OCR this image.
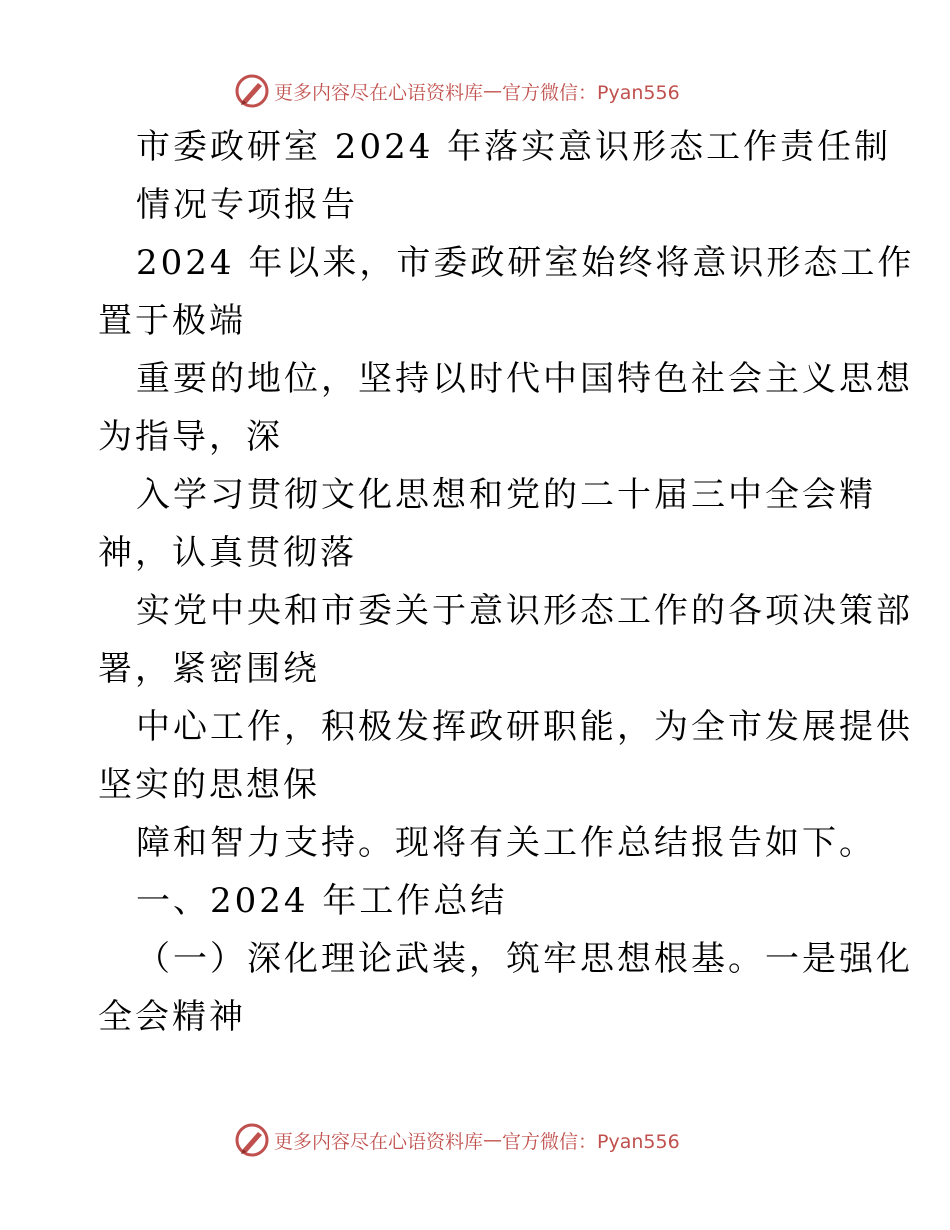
更多内容尽在心语资料库 — 官方微信：Pyan556
市委政研室 2024 年落实意识形态工作责任制
情况专项报告
2024 年以来，市委政研室始终将意识形态工作
置于极端
重要的地位，坚持以时代中国特色社会主义思想
为指导，深
入学习贯彻文化思想和党的二十届三中全会精
神，认真贯彻落
实党中央和市委关于意识形态工作的各项决策部
署，紧密围绕
中心工作，积极发挥政研职能，为全市发展提供
坚实的思想保
障和智力支持。现将有关工作总结报告如下。
一、2024 年工作总结
（一）深化理论武装，筑牢思想根基。一是强化
全会精神
更多内容尽在心语资料库 — 官方微信：Pyan556
